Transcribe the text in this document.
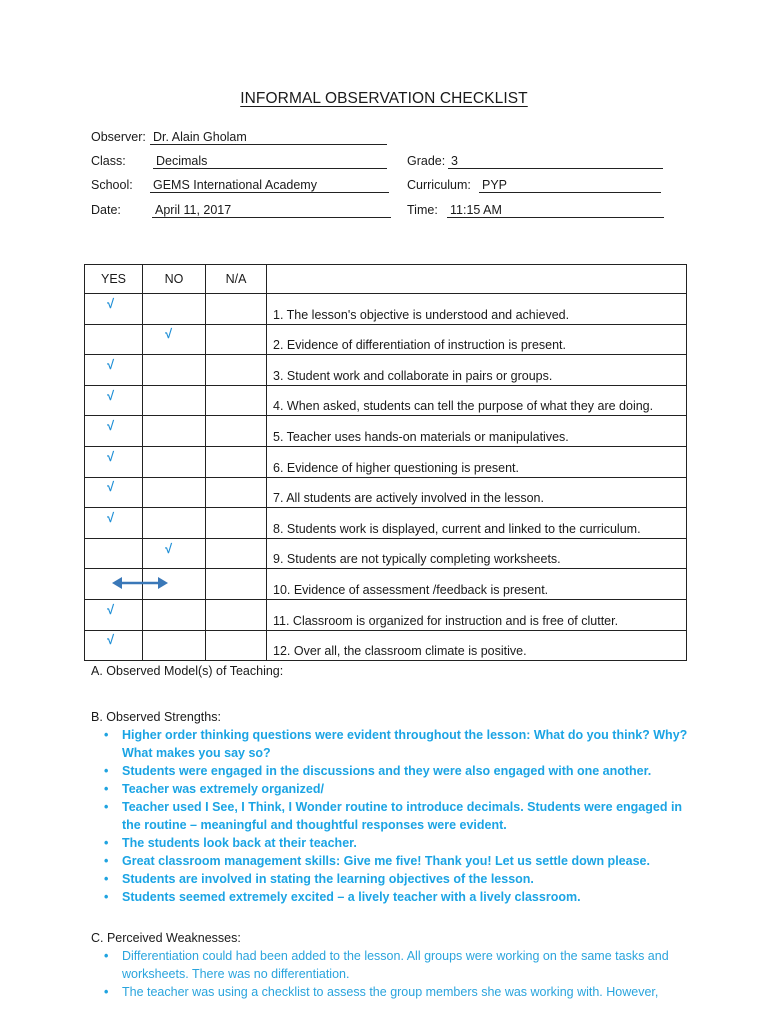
INFORMAL OBSERVATION CHECKLIST
Observer: Dr. Alain Gholam
Class: Decimals
School: GEMS International Academy
Date:	April 11, 2017
Grade: 3
Curriculum: PYP
Time: 11:15 AM
YES	NO	N/A	

√			1. The lesson's objective is understood and achieved.

	√		2. Evidence of differentiation of instruction is present.

√			3. Student work and collaborate in pairs or groups.

√			4. When asked, students can tell the purpose of what they are doing.

√			5. Teacher uses hands-on materials or manipulatives.

√			6. Evidence of higher questioning is present.

√			7. All students are actively involved in the lesson.

√			8. Students work is displayed, current and linked to the curriculum.

	√		9. Students are not typically completing worksheets.

			10. Evidence of assessment /feedback is present.

√			11. Classroom is organized for instruction and is free of clutter.

√			12. Over all, the classroom climate is positive.
A. Observed Model(s) of Teaching:
B. Observed Strengths:
• Higher order thinking questions were evident throughout the lesson: What do you think? Why? What makes you say so?
• Students were engaged in the discussions and they were also engaged with one another.
• Teacher was extremely organized/
• Teacher used I See, I Think, I Wonder routine to introduce decimals. Students were engaged in the routine – meaningful and thoughtful responses were evident.
• The students look back at their teacher.
• Great classroom management skills: Give me five! Thank you! Let us settle down please.
• Students are involved in stating the learning objectives of the lesson.
• Students seemed extremely excited – a lively teacher with a lively classroom.
C. Perceived Weaknesses:
• Differentiation could had been added to the lesson. All groups were working on the same tasks and worksheets. There was no differentiation.
• The teacher was using a checklist to assess the group members she was working with. However,
